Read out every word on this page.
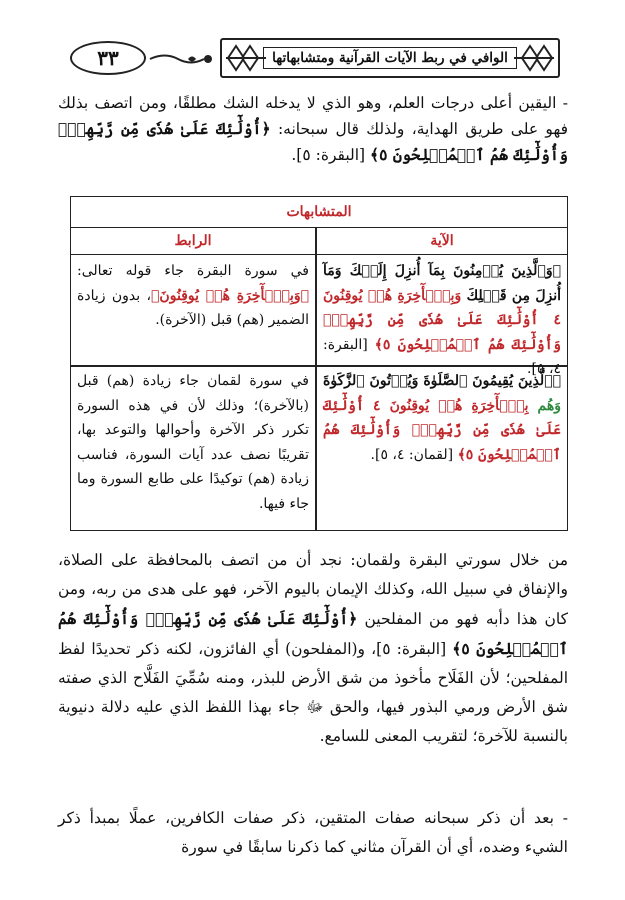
٣٣	الوافي في ربط الآيات القرآنية ومتشابهاتها
- اليقين أعلى درجات العلم، وهو الذي لا يدخله الشك مطلقًا، ومن اتصف بذلك فهو على طريق الهداية، ولذلك قال سبحانه: ﴿أُوْلَٰٓئِكَ عَلَىٰ هُدٗى مِّن رَّبِّهِمۡۖ وَأُوْلَٰٓئِكَ هُمُ ٱلۡمُفۡلِحُونَ ٥﴾ [البقرة: ٥].
المتشابهات
الآية
الرابط
﴿وَٱلَّذِينَ يُؤۡمِنُونَ بِمَآ أُنزِلَ إِلَيۡكَ وَمَآ أُنزِلَ مِن قَبۡلِكَ وَبِٱلۡأٓخِرَةِ هُمۡ يُوقِنُونَ ٤ أُوْلَٰٓئِكَ عَلَىٰ هُدٗى مِّن رَّبِّهِمۡۖ وَأُوْلَٰٓئِكَ هُمُ ٱلۡمُفۡلِحُونَ ٥﴾ [البقرة: ٤، ٥].
في سورة البقرة جاء قوله تعالى: ﴿وَبِٱلۡأٓخِرَةِ هُمۡ يُوقِنُونَ﴾، بدون زيادة الضمير (هم) قبل (الآخرة).
﴿ٱلَّذِينَ يُقِيمُونَ ٱلصَّلَوٰةَ وَيُؤۡتُونَ ٱلزَّكَوٰةَ وَهُم بِٱلۡأٓخِرَةِ هُمۡ يُوقِنُونَ ٤ أُوْلَٰٓئِكَ عَلَىٰ هُدٗى مِّن رَّبِّهِمۡۖ وَأُوْلَٰٓئِكَ هُمُ ٱلۡمُفۡلِحُونَ ٥﴾ [لقمان: ٤، ٥].
في سورة لقمان جاء زيادة (هم) قبل (بالآخرة)؛ وذلك لأن في هذه السورة تكرر ذكر الآخرة وأحوالها والتوعد بها، تقريبًا نصف عدد آيات السورة، فناسب زيادة (هم) توكيدًا على طابع السورة وما جاء فيها.
من خلال سورتي البقرة ولقمان: نجد أن من اتصف بالمحافظة على الصلاة، والإنفاق في سبيل الله، وكذلك الإيمان باليوم الآخر، فهو على هدى من ربه، ومن كان هذا دأبه فهو من المفلحين ﴿أُوْلَٰٓئِكَ عَلَىٰ هُدٗى مِّن رَّبِّهِمۡۖ وَأُوْلَٰٓئِكَ هُمُ ٱلۡمُفۡلِحُونَ ٥﴾ [البقرة: ٥]، و(المفلحون) أي الفائزون، لكنه ذكر تحديدًا لفظ المفلحين؛ لأن الفَلَاح مأخوذ من شق الأرض للبذر، ومنه سُمِّيَ الفَلَّاح الذي صفته شق الأرض ورمي البذور فيها، والحق ﷻ جاء بهذا اللفظ الذي عليه دلالة دنيوية بالنسبة للآخرة؛ لتقريب المعنى للسامع.
- بعد أن ذكر سبحانه صفات المتقين، ذكر صفات الكافرين، عملًا بمبدأ ذكر الشيء وضده، أي أن القرآن مثاني كما ذكرنا سابقًا في سورة
